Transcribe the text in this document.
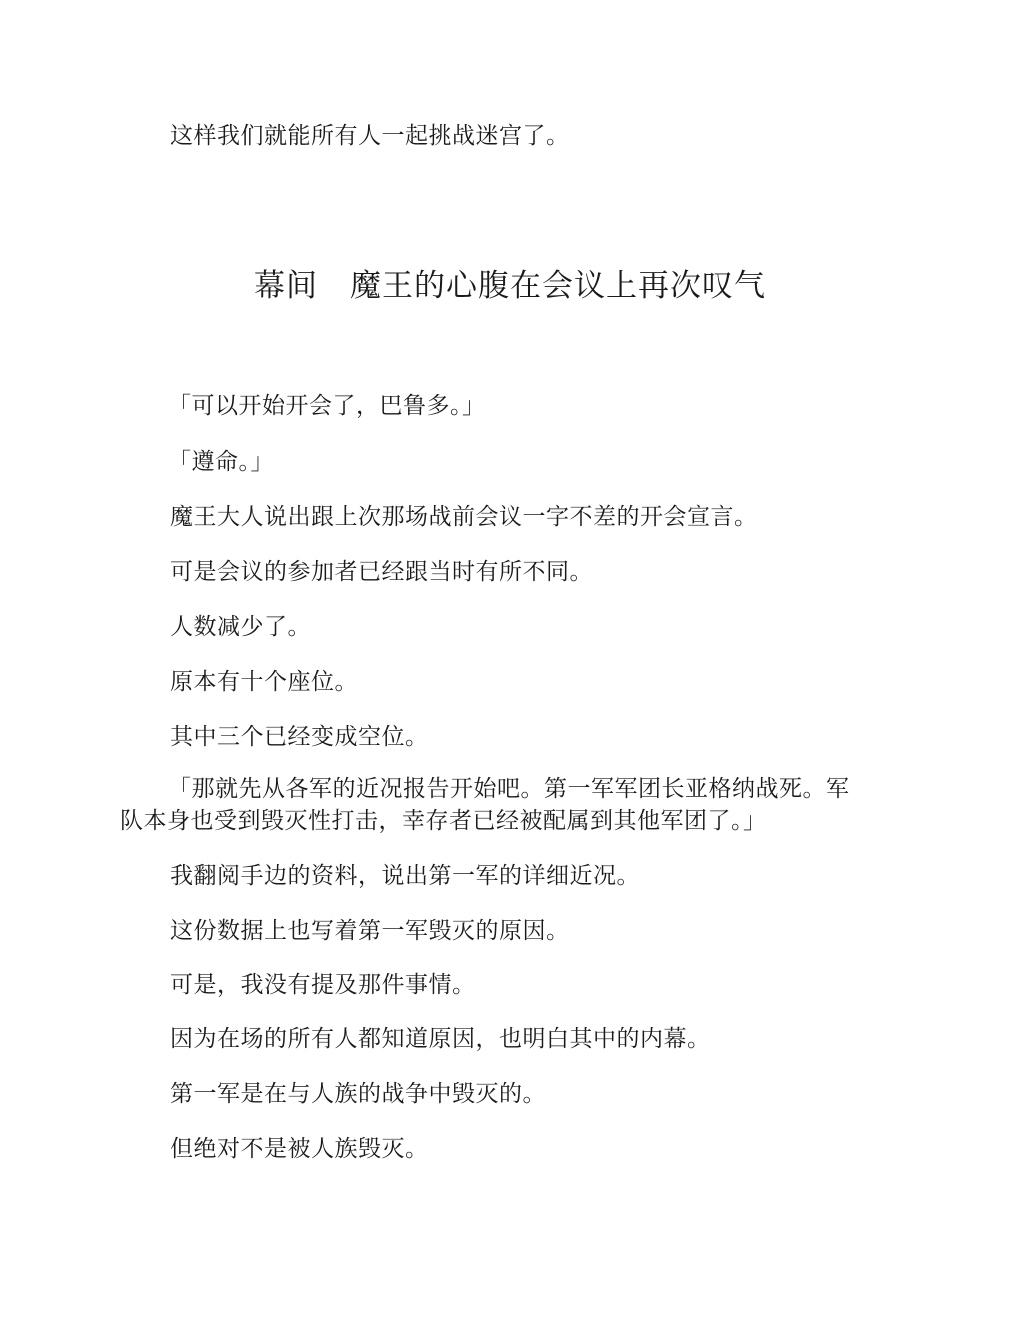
这样我们就能所有人一起挑战迷宫了。
幕间　魔王的心腹在会议上再次叹气
「可以开始开会了，巴鲁多。」
「遵命。」
魔王大人说出跟上次那场战前会议一字不差的开会宣言。
可是会议的参加者已经跟当时有所不同。
人数减少了。
原本有十个座位。
其中三个已经变成空位。
「那就先从各军的近况报告开始吧。第一军军团长亚格纳战死。军
队本身也受到毁灭性打击，幸存者已经被配属到其他军团了。」
我翻阅手边的资料，说出第一军的详细近况。
这份数据上也写着第一军毁灭的原因。
可是，我没有提及那件事情。
因为在场的所有人都知道原因，也明白其中的内幕。
第一军是在与人族的战争中毁灭的。
但绝对不是被人族毁灭。
